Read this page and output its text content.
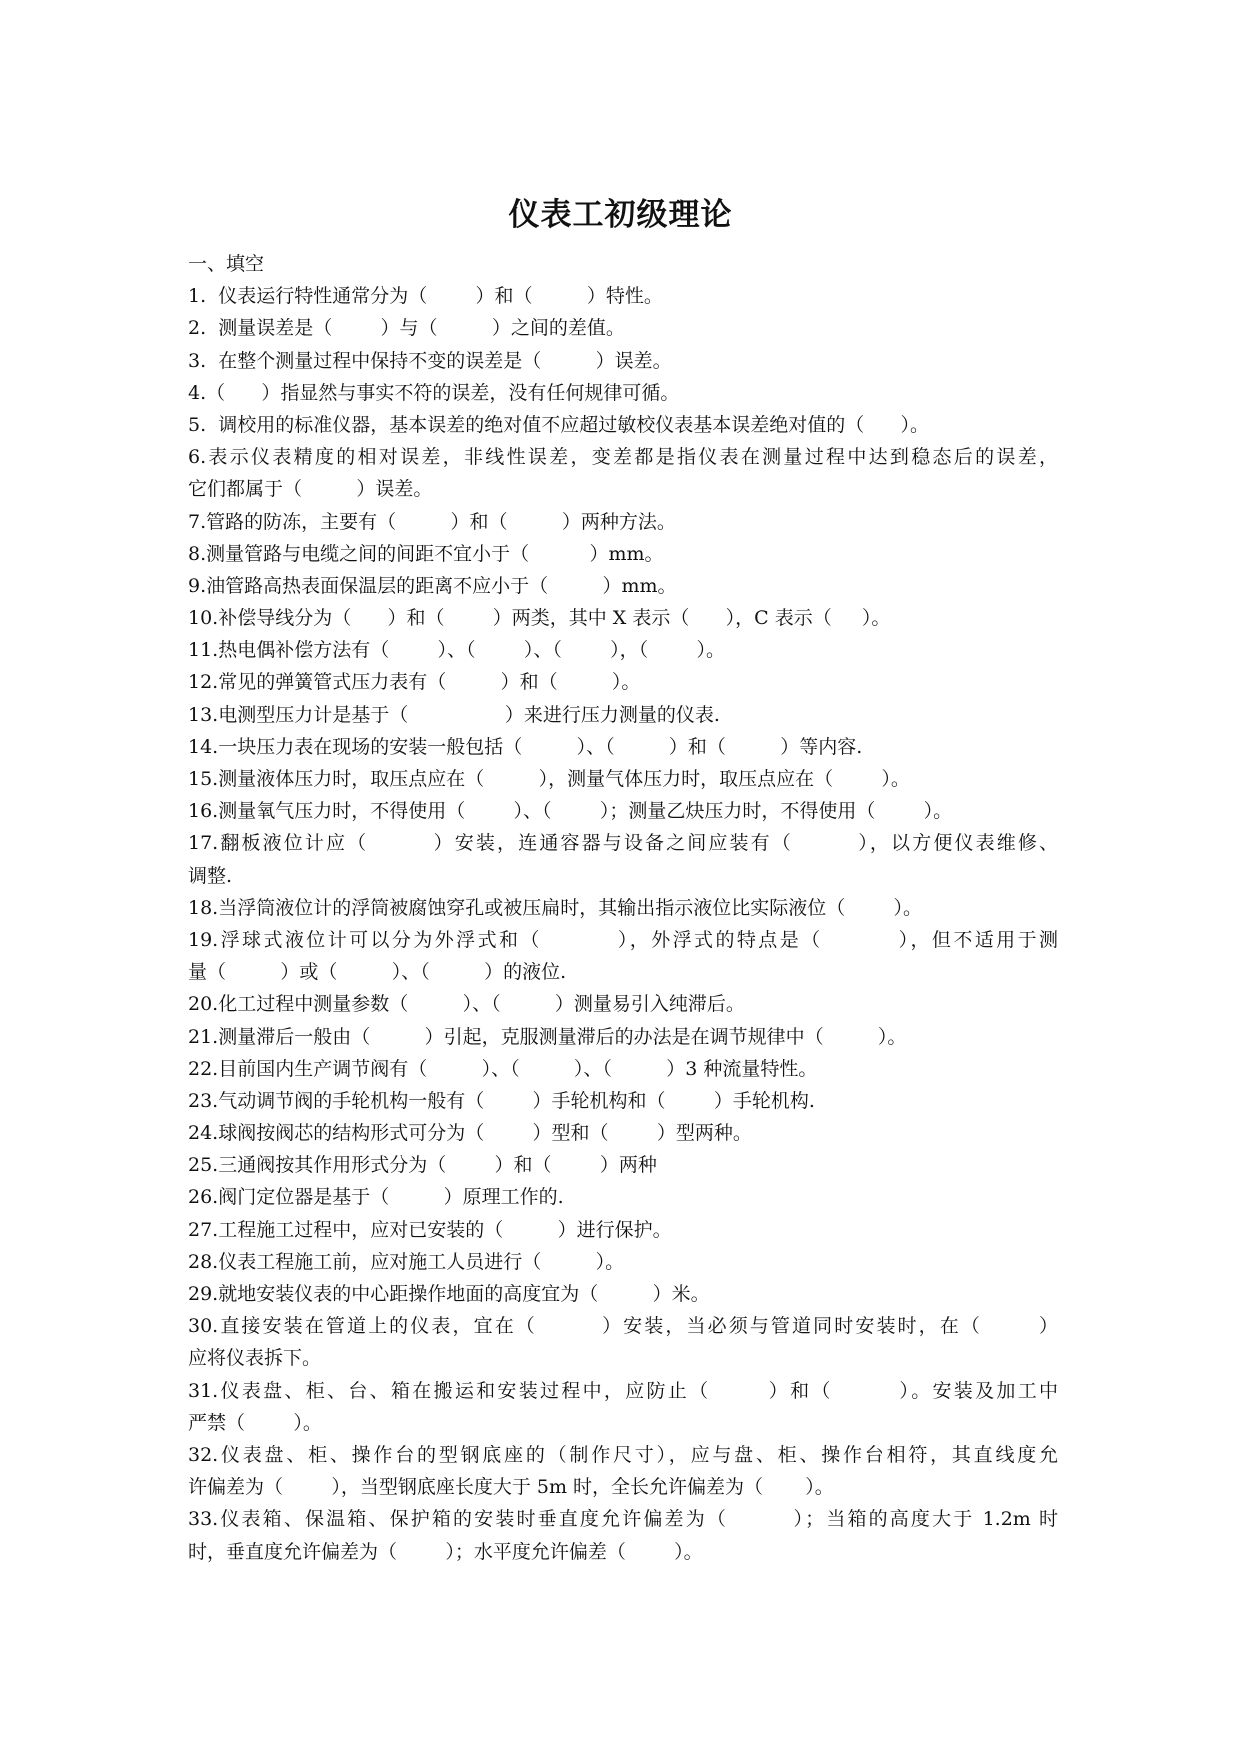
仪表工初级理论
一、填空
1.  仪表运行特性通常分为（        ）和（         ）特性。
2.  测量误差是（        ）与（         ）之间的差值。
3.  在整个测量过程中保持不变的误差是（         ）误差。
4.（      ）指显然与事实不符的误差，没有任何规律可循。
5.  调校用的标准仪器，基本误差的绝对值不应超过敏校仪表基本误差绝对值的（      ）。
6.表示仪表精度的相对误差，非线性误差，变差都是指仪表在测量过程中达到稳态后的误差，
它们都属于（         ）误差。
7.管路的防冻，主要有（         ）和（         ）两种方法。
8.测量管路与电缆之间的间距不宜小于（          ）mm。
9.油管路高热表面保温层的距离不应小于（         ）mm。
10.补偿导线分为（      ）和（        ）两类，其中 X 表示（      ），C 表示（     ）。
11.热电偶补偿方法有（        ）、（        ）、（        ），（        ）。
12.常见的弹簧管式压力表有（         ）和（         ）。
13.电测型压力计是基于（                ）来进行压力测量的仪表.
14.一块压力表在现场的安装一般包括（         ）、（         ）和（         ）等内容.
15.测量液体压力时，取压点应在（         ），测量气体压力时，取压点应在（        ）。
16.测量氧气压力时，不得使用（        ）、（        ）；测量乙炔压力时，不得使用（        ）。
17.翻板液位计应（        ）安装，连通容器与设备之间应装有（        ），以方便仪表维修、
调整.
18.当浮筒液位计的浮筒被腐蚀穿孔或被压扁时，其输出指示液位比实际液位（        ）。
19.浮球式液位计可以分为外浮式和（         ），外浮式的特点是（         ），但不适用于测
量（         ）或（         ）、（         ）的液位.
20.化工过程中测量参数（         ）、（         ）测量易引入纯滞后。
21.测量滞后一般由（         ）引起，克服测量滞后的办法是在调节规律中（         ）。
22.目前国内生产调节阀有（         ）、（         ）、（         ）3 种流量特性。
23.气动调节阀的手轮机构一般有（        ）手轮机构和（        ）手轮机构.
24.球阀按阀芯的结构形式可分为（        ）型和（        ）型两种。
25.三通阀按其作用形式分为（        ）和（        ）两种
26.阀门定位器是基于（         ）原理工作的.
27.工程施工过程中，应对已安装的（         ）进行保护。
28.仪表工程施工前，应对施工人员进行（         ）。
29.就地安装仪表的中心距操作地面的高度宜为（         ）米。
30.直接安装在管道上的仪表，宜在（        ）安装，当必须与管道同时安装时，在（       ）
应将仪表拆下。
31.仪表盘、柜、台、箱在搬运和安装过程中，应防止（       ）和（        ）。安装及加工中
严禁（        ）。
32.仪表盘、柜、操作台的型钢底座的（制作尺寸），应与盘、柜、操作台相符，其直线度允
许偏差为（        ），当型钢底座长度大于 5m 时，全长允许偏差为（       ）。
33.仪表箱、保温箱、保护箱的安装时垂直度允许偏差为（        ）；当箱的高度大于 1.2m 时
时，垂直度允许偏差为（        ）；水平度允许偏差（        ）。
